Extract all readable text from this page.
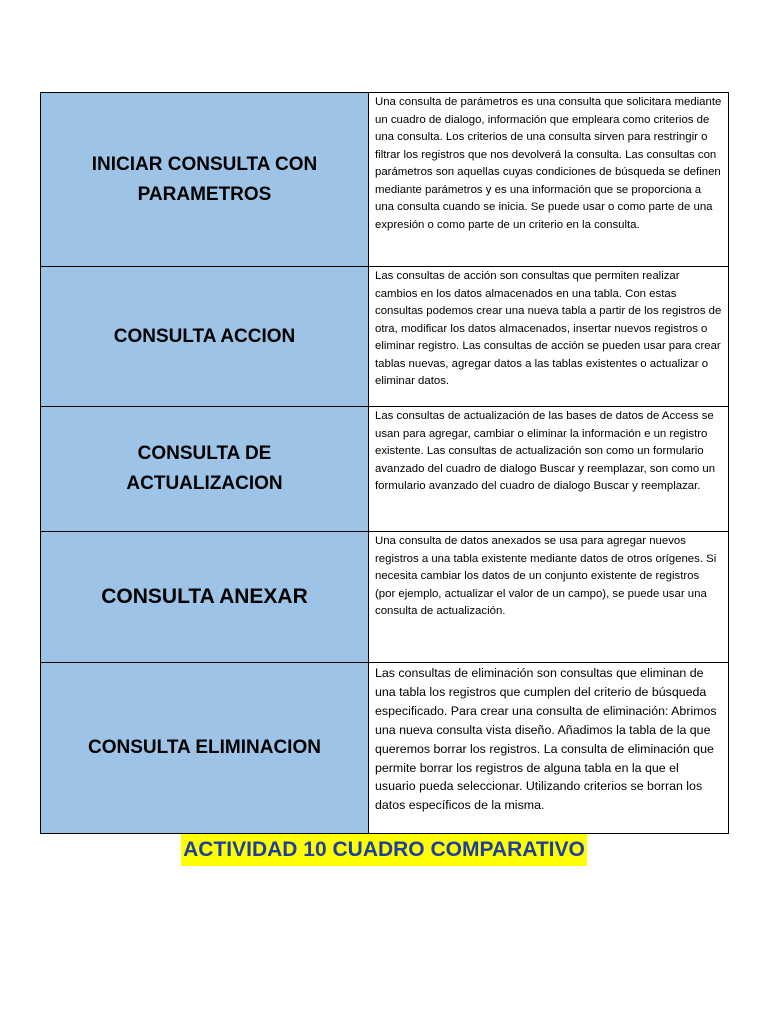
INICIAR CONSULTA CON PARAMETROS	Una consulta de parámetros es una consulta que solicitara mediante un cuadro de dialogo, información que empleara como criterios de una consulta. Los criterios de una consulta sirven para restringir o filtrar los registros que nos devolverá la consulta. Las consultas con parámetros son aquellas cuyas condiciones de búsqueda se definen mediante parámetros y es una información que se proporciona a una consulta cuando se inicia. Se puede usar o como parte de una expresión o como parte de un criterio en la consulta.

CONSULTA ACCION	Las consultas de acción son consultas que permiten realizar cambios en los datos almacenados en una tabla. Con estas consultas podemos crear una nueva tabla a partir de los registros de otra, modificar los datos almacenados, insertar nuevos registros o eliminar registro. Las consultas de acción se pueden usar para crear tablas nuevas, agregar datos a las tablas existentes o actualizar o eliminar datos.

CONSULTA DE ACTUALIZACION	Las consultas de actualización de las bases de datos de Access se usan para agregar, cambiar o eliminar la información e un registro existente. Las consultas de actualización son como un formulario avanzado del cuadro de dialogo Buscar y reemplazar, son como un formulario avanzado del cuadro de dialogo Buscar y reemplazar.

CONSULTA ANEXAR	Una consulta de datos anexados se usa para agregar nuevos registros a una tabla existente mediante datos de otros orígenes. Si necesita cambiar los datos de un conjunto existente de registros (por ejemplo, actualizar el valor de un campo), se puede usar una consulta de actualización.

CONSULTA ELIMINACION	Las consultas de eliminación son consultas que eliminan de una tabla los registros que cumplen del criterio de búsqueda especificado. Para crear una consulta de eliminación: Abrimos una nueva consulta vista diseño. Añadimos la tabla de la que queremos borrar los registros. La consulta de eliminación que permite borrar los registros de alguna tabla en la que el usuario pueda seleccionar. Utilizando criterios se borran los datos específicos de la misma.
ACTIVIDAD 10 CUADRO COMPARATIVO
